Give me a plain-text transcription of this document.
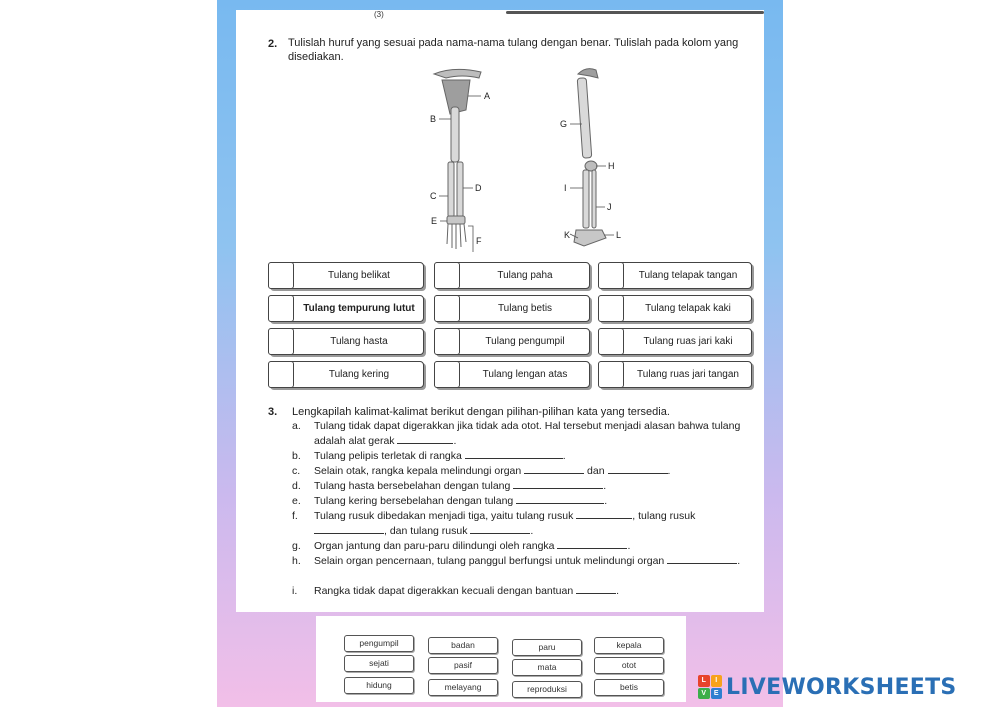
(3)
2. Tulislah huruf yang sesuai pada nama-nama tulang dengan benar. Tulislah pada kolom yang disediakan.
A
B
C
D
E
F
G
H
I
J
K	L
Tulang belikat	Tulang paha	Tulang telapak tangan
Tulang tempurung lutut	Tulang betis	Tulang telapak kaki
Tulang hasta	Tulang pengumpil	Tulang ruas jari kaki
Tulang kering	Tulang lengan atas	Tulang ruas jari tangan
3. Lengkapilah kalimat-kalimat berikut dengan pilihan-pilihan kata yang tersedia.
a.	Tulang tidak dapat digerakkan jika tidak ada otot. Hal tersebut menjadi alasan bahwa tulang adalah alat gerak	.
b.	Tulang pelipis terletak di rangka	.
c.	Selain otak, rangka kepala melindungi organ	dan	.
d.	Tulang hasta bersebelahan dengan tulang	.
e.	Tulang kering bersebelahan dengan tulang	.
f.	Tulang rusuk dibedakan menjadi tiga, yaitu tulang rusuk	, tulang rusuk , dan tulang rusuk	.
g.	Organ jantung dan paru-paru dilindungi oleh rangka	.
h.	Selain organ pencernaan, tulang panggul berfungsi untuk melindungi organ	.
i.	Rangka tidak dapat digerakkan kecuali dengan bantuan	.
pengumpil	badan	paru	kepala
sejati	pasif	mata	otot
hidung	melayang	reproduksi	betis
L	I
V	E LIVEWORKSHEETS
